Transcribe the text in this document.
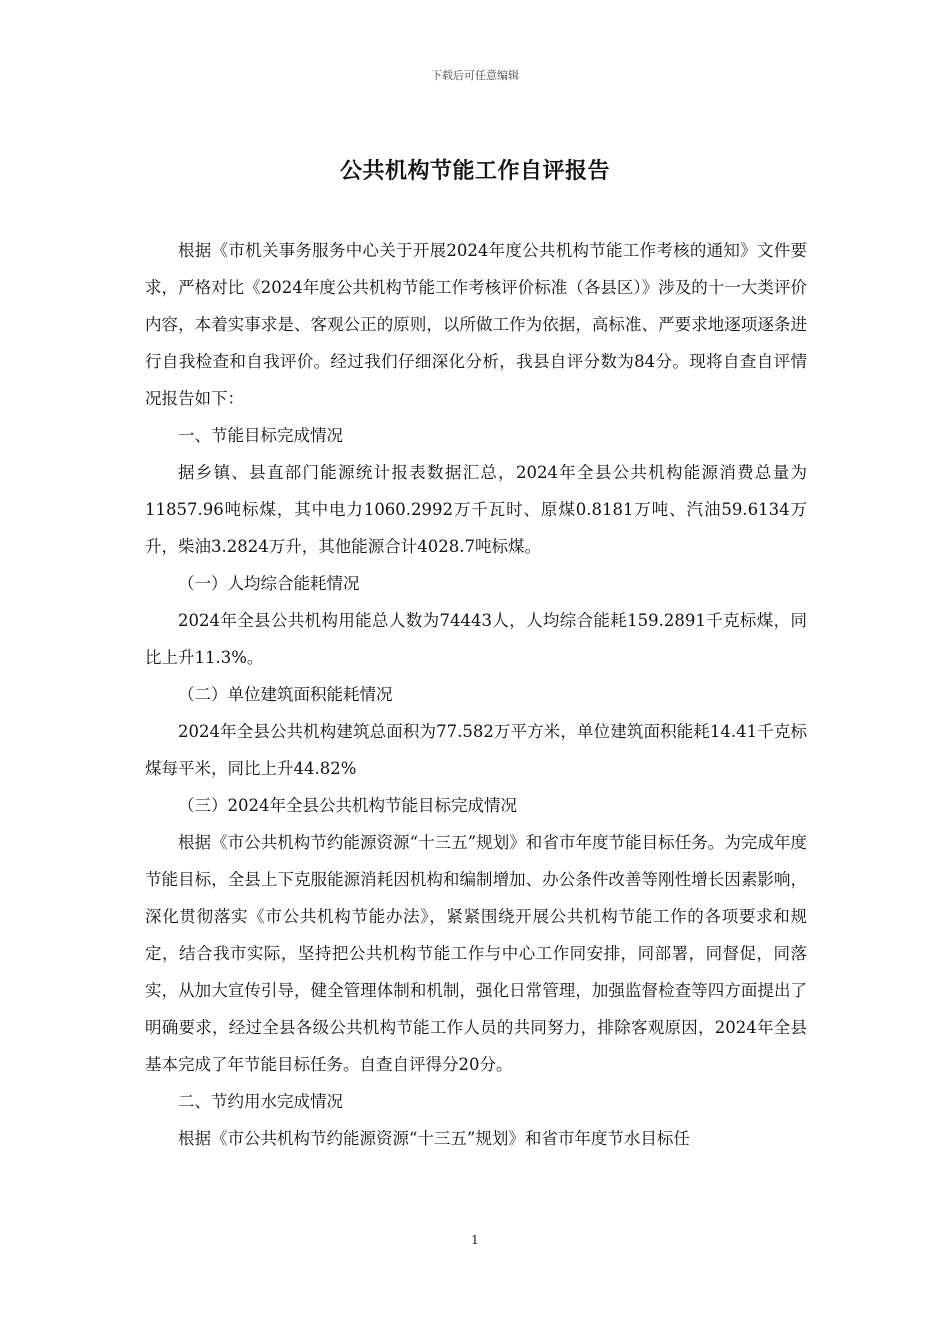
下载后可任意编辑
公共机构节能工作自评报告

根据《市机关事务服务中心关于开展2024年度公共机构节能工作考核的通知》文件要求，严格对比《2024年度公共机构节能工作考核评价标准（各县区）》涉及的十一大类评价内容，本着实事求是、客观公正的原则，以所做工作为依据，高标准、严要求地逐项逐条进行自我检查和自我评价。经过我们仔细深化分析，我县自评分数为84分。现将自查自评情况报告如下：

一、节能目标完成情况

据乡镇、县直部门能源统计报表数据汇总，2024年全县公共机构能源消费总量为11857.96吨标煤，其中电力1060.2992万千瓦时、原煤0.8181万吨、汽油59.6134万升，柴油3.2824万升，其他能源合计4028.7吨标煤。

（一）人均综合能耗情况

2024年全县公共机构用能总人数为74443人，人均综合能耗159.2891千克标煤，同比上升11.3%。

（二）单位建筑面积能耗情况

2024年全县公共机构建筑总面积为77.582万平方米，单位建筑面积能耗14.41千克标煤每平米，同比上升44.82%

（三）2024年全县公共机构节能目标完成情况

根据《市公共机构节约能源资源“十三五”规划》和省市年度节能目标任务。为完成年度节能目标，全县上下克服能源消耗因机构和编制增加、办公条件改善等刚性增长因素影响，深化贯彻落实《市公共机构节能办法》，紧紧围绕开展公共机构节能工作的各项要求和规定，结合我市实际，坚持把公共机构节能工作与中心工作同安排，同部署，同督促，同落实，从加大宣传引导，健全管理体制和机制，强化日常管理，加强监督检查等四方面提出了明确要求，经过全县各级公共机构节能工作人员的共同努力，排除客观原因，2024年全县基本完成了年节能目标任务。自查自评得分20分。

二、节约用水完成情况

根据《市公共机构节约能源资源“十三五”规划》和省市年度节水目标任

1
